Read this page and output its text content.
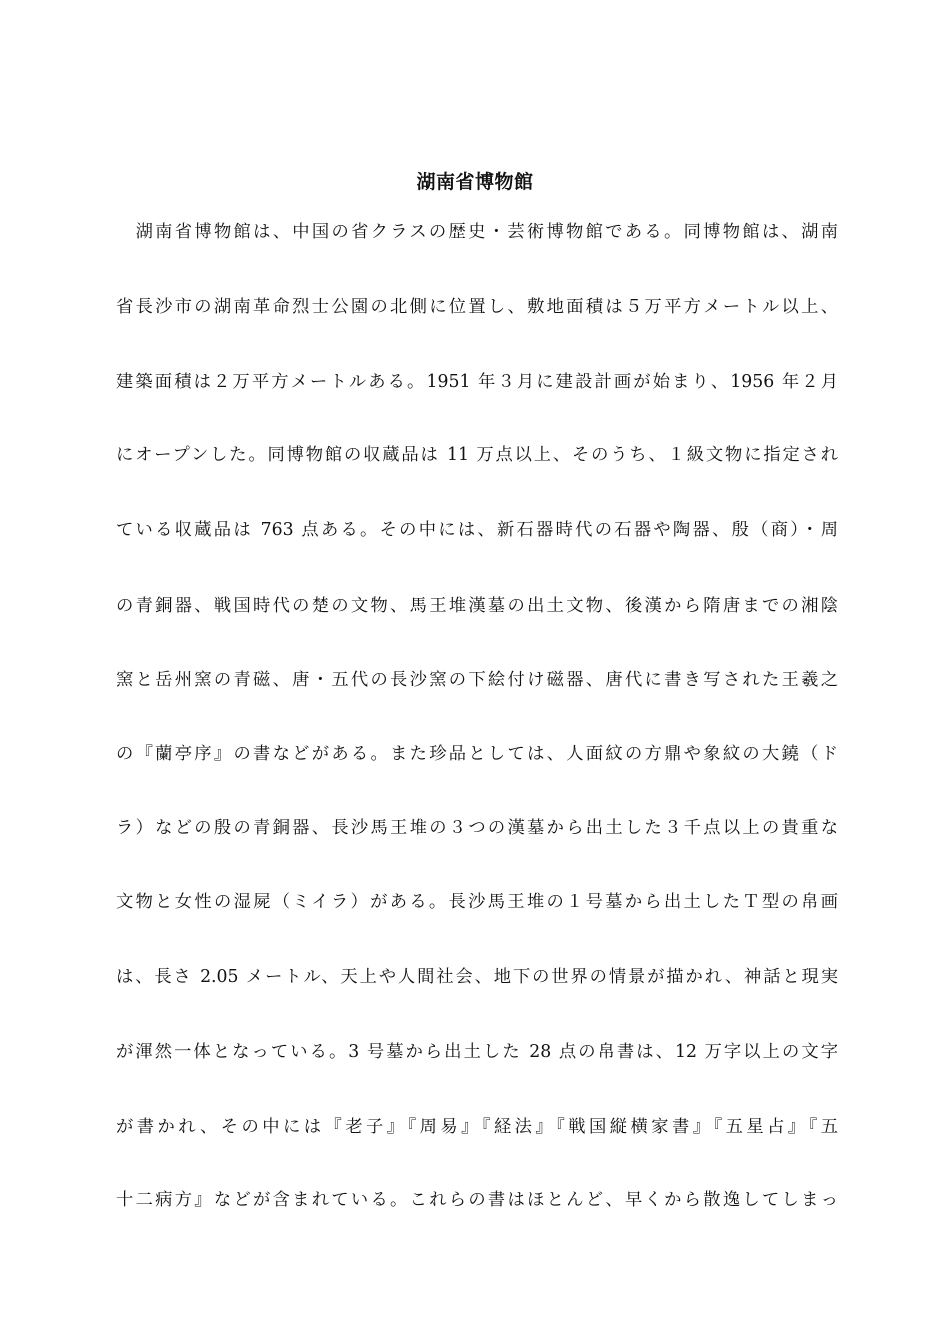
湖南省博物館
　湖南省博物館は、中国の省クラスの歴史・芸術博物館である。同博物館は、湖南
省長沙市の湖南革命烈士公園の北側に位置し、敷地面積は５万平方メートル以上、
建築面積は２万平方メートルある。1951 年３月に建設計画が始まり、1956 年２月
にオープンした。同博物館の収蔵品は 11 万点以上、そのうち、１級文物に指定され
ている収蔵品は 763 点ある。その中には、新石器時代の石器や陶器、殷（商）・周
の青銅器、戦国時代の楚の文物、馬王堆漢墓の出土文物、後漢から隋唐までの湘陰
窯と岳州窯の青磁、唐・五代の長沙窯の下絵付け磁器、唐代に書き写された王羲之
の『蘭亭序』の書などがある。また珍品としては、人面紋の方鼎や象紋の大鐃（ド
ラ）などの殷の青銅器、長沙馬王堆の３つの漢墓から出土した３千点以上の貴重な
文物と女性の湿屍（ミイラ）がある。長沙馬王堆の１号墓から出土したＴ型の帛画
は、長さ 2.05 メートル、天上や人間社会、地下の世界の情景が描かれ、神話と現実
が渾然一体となっている。3 号墓から出土した 28 点の帛書は、12 万字以上の文字
が書かれ、その中には『老子』『周易』『経法』『戦国縦横家書』『五星占』『五
十二病方』などが含まれている。これらの書はほとんど、早くから散逸してしまっ
